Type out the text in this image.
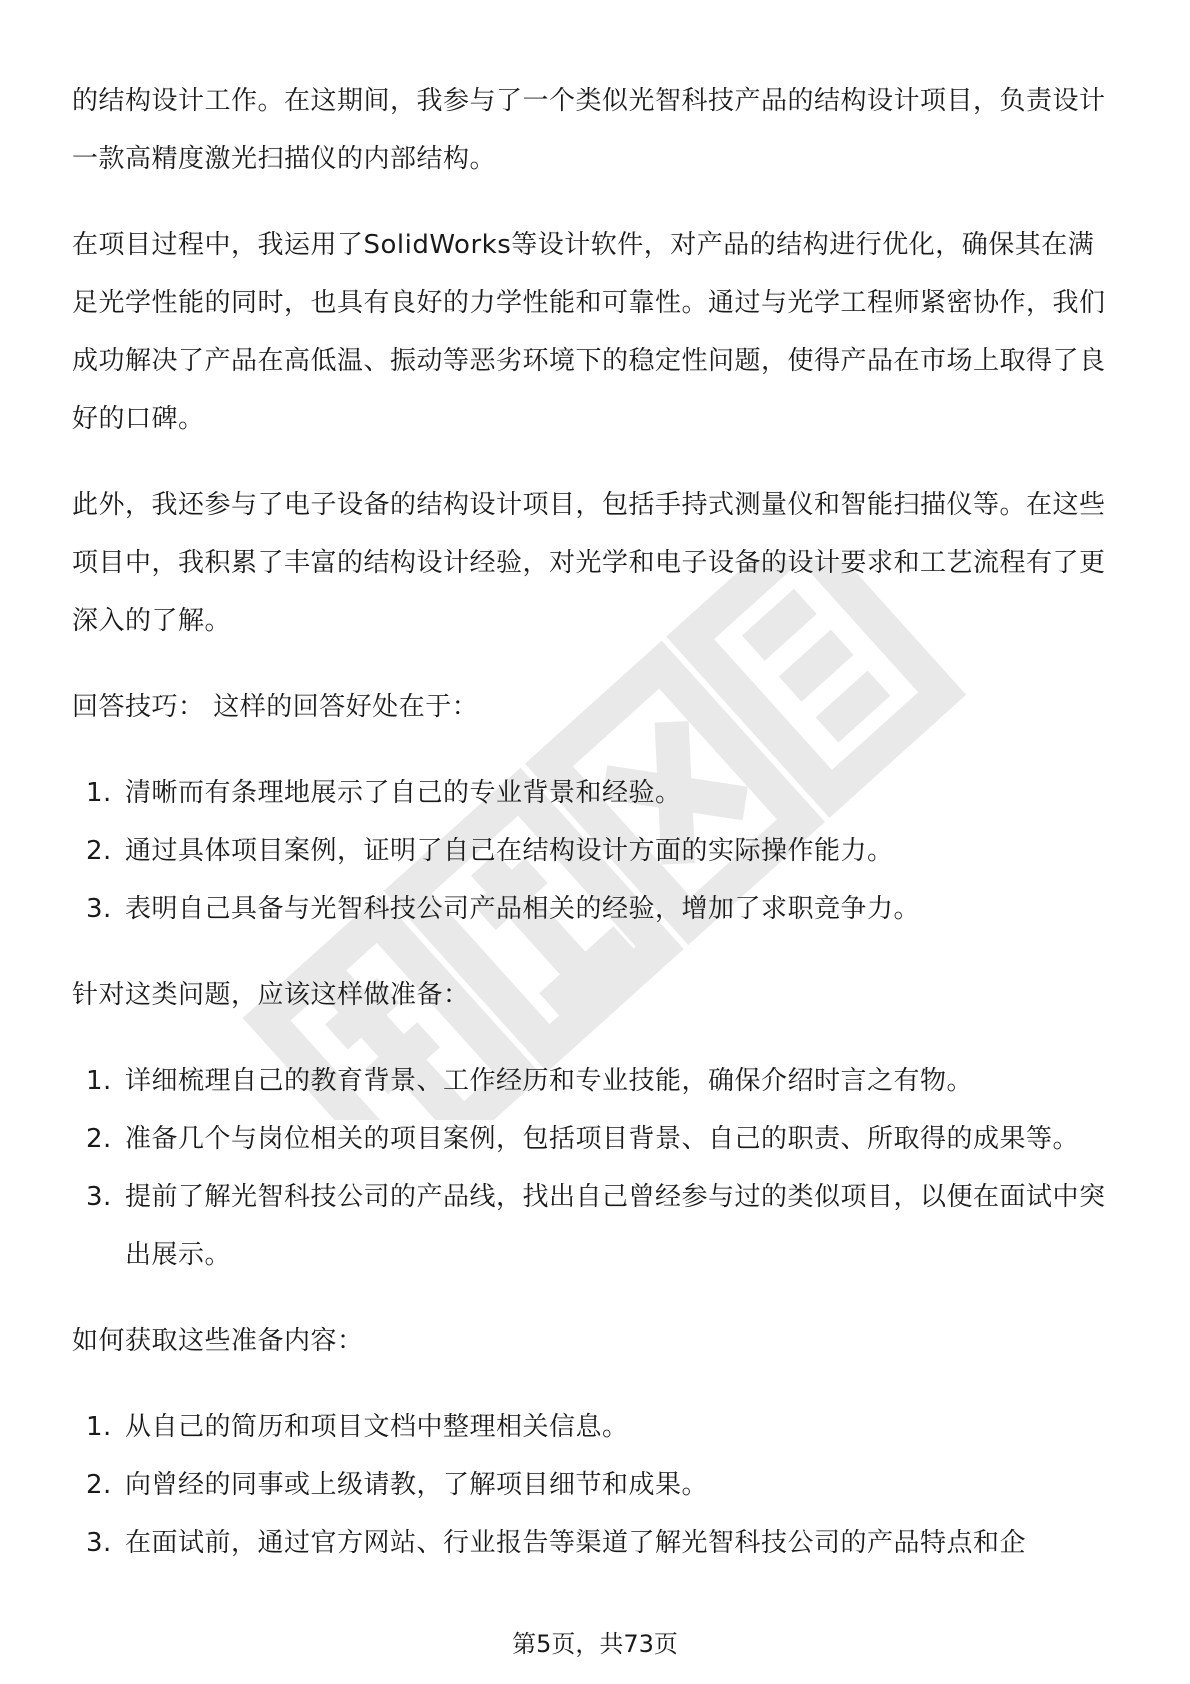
的结构设计工作。在这期间，我参与了一个类似光智科技产品的结构设计项目，负责设计一款高精度激光扫描仪的内部结构。

在项目过程中，我运用了SolidWorks等设计软件，对产品的结构进行优化，确保其在满足光学性能的同时，也具有良好的力学性能和可靠性。通过与光学工程师紧密协作，我们成功解决了产品在高低温、振动等恶劣环境下的稳定性问题，使得产品在市场上取得了良好的口碑。

此外，我还参与了电子设备的结构设计项目，包括手持式测量仪和智能扫描仪等。在这些项目中，我积累了丰富的结构设计经验，对光学和电子设备的设计要求和工艺流程有了更深入的了解。

回答技巧： 这样的回答好处在于：

1. 清晰而有条理地展示了自己的专业背景和经验。
2. 通过具体项目案例，证明了自己在结构设计方面的实际操作能力。
3. 表明自己具备与光智科技公司产品相关的经验，增加了求职竞争力。

针对这类问题，应该这样做准备：

1. 详细梳理自己的教育背景、工作经历和专业技能，确保介绍时言之有物。
2. 准备几个与岗位相关的项目案例，包括项目背景、自己的职责、所取得的成果等。
3. 提前了解光智科技公司的产品线，找出自己曾经参与过的类似项目，以便在面试中突出展示。

如何获取这些准备内容：

1. 从自己的简历和项目文档中整理相关信息。
2. 向曾经的同事或上级请教，了解项目细节和成果。
3. 在面试前，通过官方网站、行业报告等渠道了解光智科技公司的产品特点和企
第5页，共73页
